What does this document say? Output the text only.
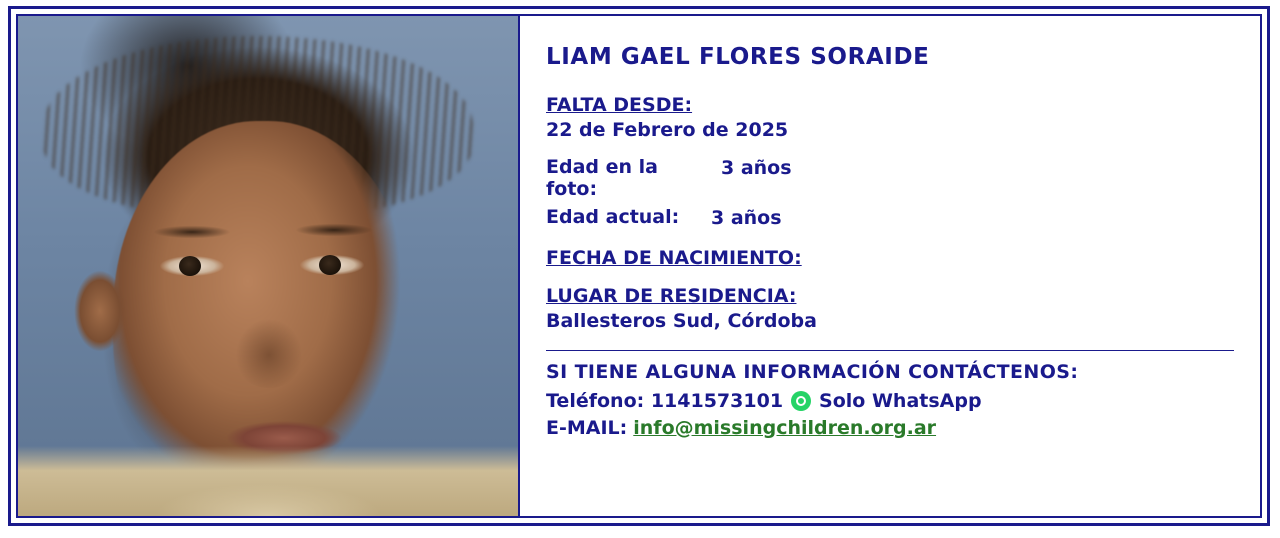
LIAM GAEL FLORES SORAIDE
FALTA DESDE:
22 de Febrero de 2025
Edad en la foto:
3 años
Edad actual:	3 años
FECHA DE NACIMIENTO:
LUGAR DE RESIDENCIA:
Ballesteros Sud, Córdoba
SI TIENE ALGUNA INFORMACIÓN CONTÁCTENOS:
Teléfono: 1141573101 Solo WhatsApp
E-MAIL: info@missingchildren.org.ar
